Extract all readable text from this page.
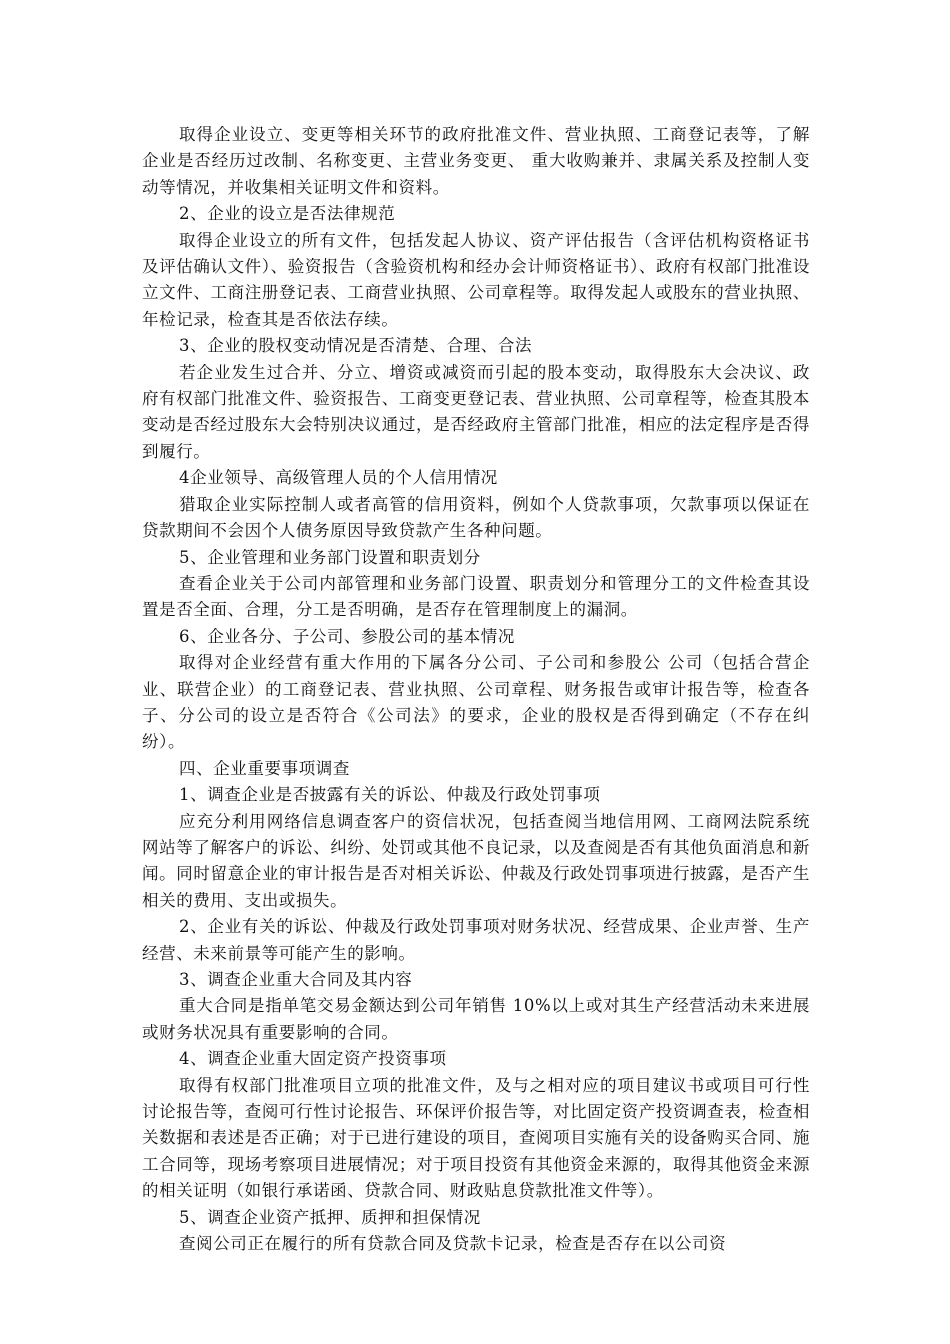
取得企业设立、变更等相关环节的政府批准文件、营业执照、工商登记表等，了解企业是否经历过改制、名称变更、主营业务变更、 重大收购兼并、隶属关系及控制人变动等情况，并收集相关证明文件和资料。

2、企业的设立是否法律规范

取得企业设立的所有文件，包括发起人协议、资产评估报告（含评估机构资格证书及评估确认文件）、验资报告（含验资机构和经办会计师资格证书）、政府有权部门批准设立文件、工商注册登记表、工商营业执照、公司章程等。取得发起人或股东的营业执照、年检记录，检查其是否依法存续。

3、企业的股权变动情况是否清楚、合理、合法

若企业发生过合并、分立、增资或减资而引起的股本变动，取得股东大会决议、政府有权部门批准文件、验资报告、工商变更登记表、营业执照、公司章程等，检查其股本变动是否经过股东大会特别决议通过，是否经政府主管部门批准，相应的法定程序是否得到履行。

4企业领导、高级管理人员的个人信用情况

猎取企业实际控制人或者高管的信用资料，例如个人贷款事项，欠款事项以保证在贷款期间不会因个人债务原因导致贷款产生各种问题。

5、企业管理和业务部门设置和职责划分

查看企业关于公司内部管理和业务部门设置、职责划分和管理分工的文件检查其设置是否全面、合理，分工是否明确，是否存在管理制度上的漏洞。

6、企业各分、子公司、参股公司的基本情况

取得对企业经营有重大作用的下属各分公司、子公司和参股公 公司（包括合营企业、联营企业）的工商登记表、营业执照、公司章程、财务报告或审计报告等，检查各子、分公司的设立是否符合《公司法》的要求，企业的股权是否得到确定（不存在纠纷）。

四、企业重要事项调查

1、调查企业是否披露有关的诉讼、仲裁及行政处罚事项

应充分利用网络信息调查客户的资信状况，包括查阅当地信用网、工商网法院系统网站等了解客户的诉讼、纠纷、处罚或其他不良记录，以及查阅是否有其他负面消息和新闻。同时留意企业的审计报告是否对相关诉讼、仲裁及行政处罚事项进行披露，是否产生相关的费用、支出或损失。

2、企业有关的诉讼、仲裁及行政处罚事项对财务状况、经营成果、企业声誉、生产经营、未来前景等可能产生的影响。

3、调查企业重大合同及其内容

重大合同是指单笔交易金额达到公司年销售 10%以上或对其生产经营活动未来进展或财务状况具有重要影响的合同。

4、调查企业重大固定资产投资事项

取得有权部门批准项目立项的批准文件，及与之相对应的项目建议书或项目可行性讨论报告等，查阅可行性讨论报告、环保评价报告等，对比固定资产投资调查表，检查相关数据和表述是否正确；对于已进行建设的项目，查阅项目实施有关的设备购买合同、施工合同等，现场考察项目进展情况；对于项目投资有其他资金来源的，取得其他资金来源的相关证明（如银行承诺函、贷款合同、财政贴息贷款批准文件等）。

5、调查企业资产抵押、质押和担保情况

查阅公司正在履行的所有贷款合同及贷款卡记录，检查是否存在以公司资
